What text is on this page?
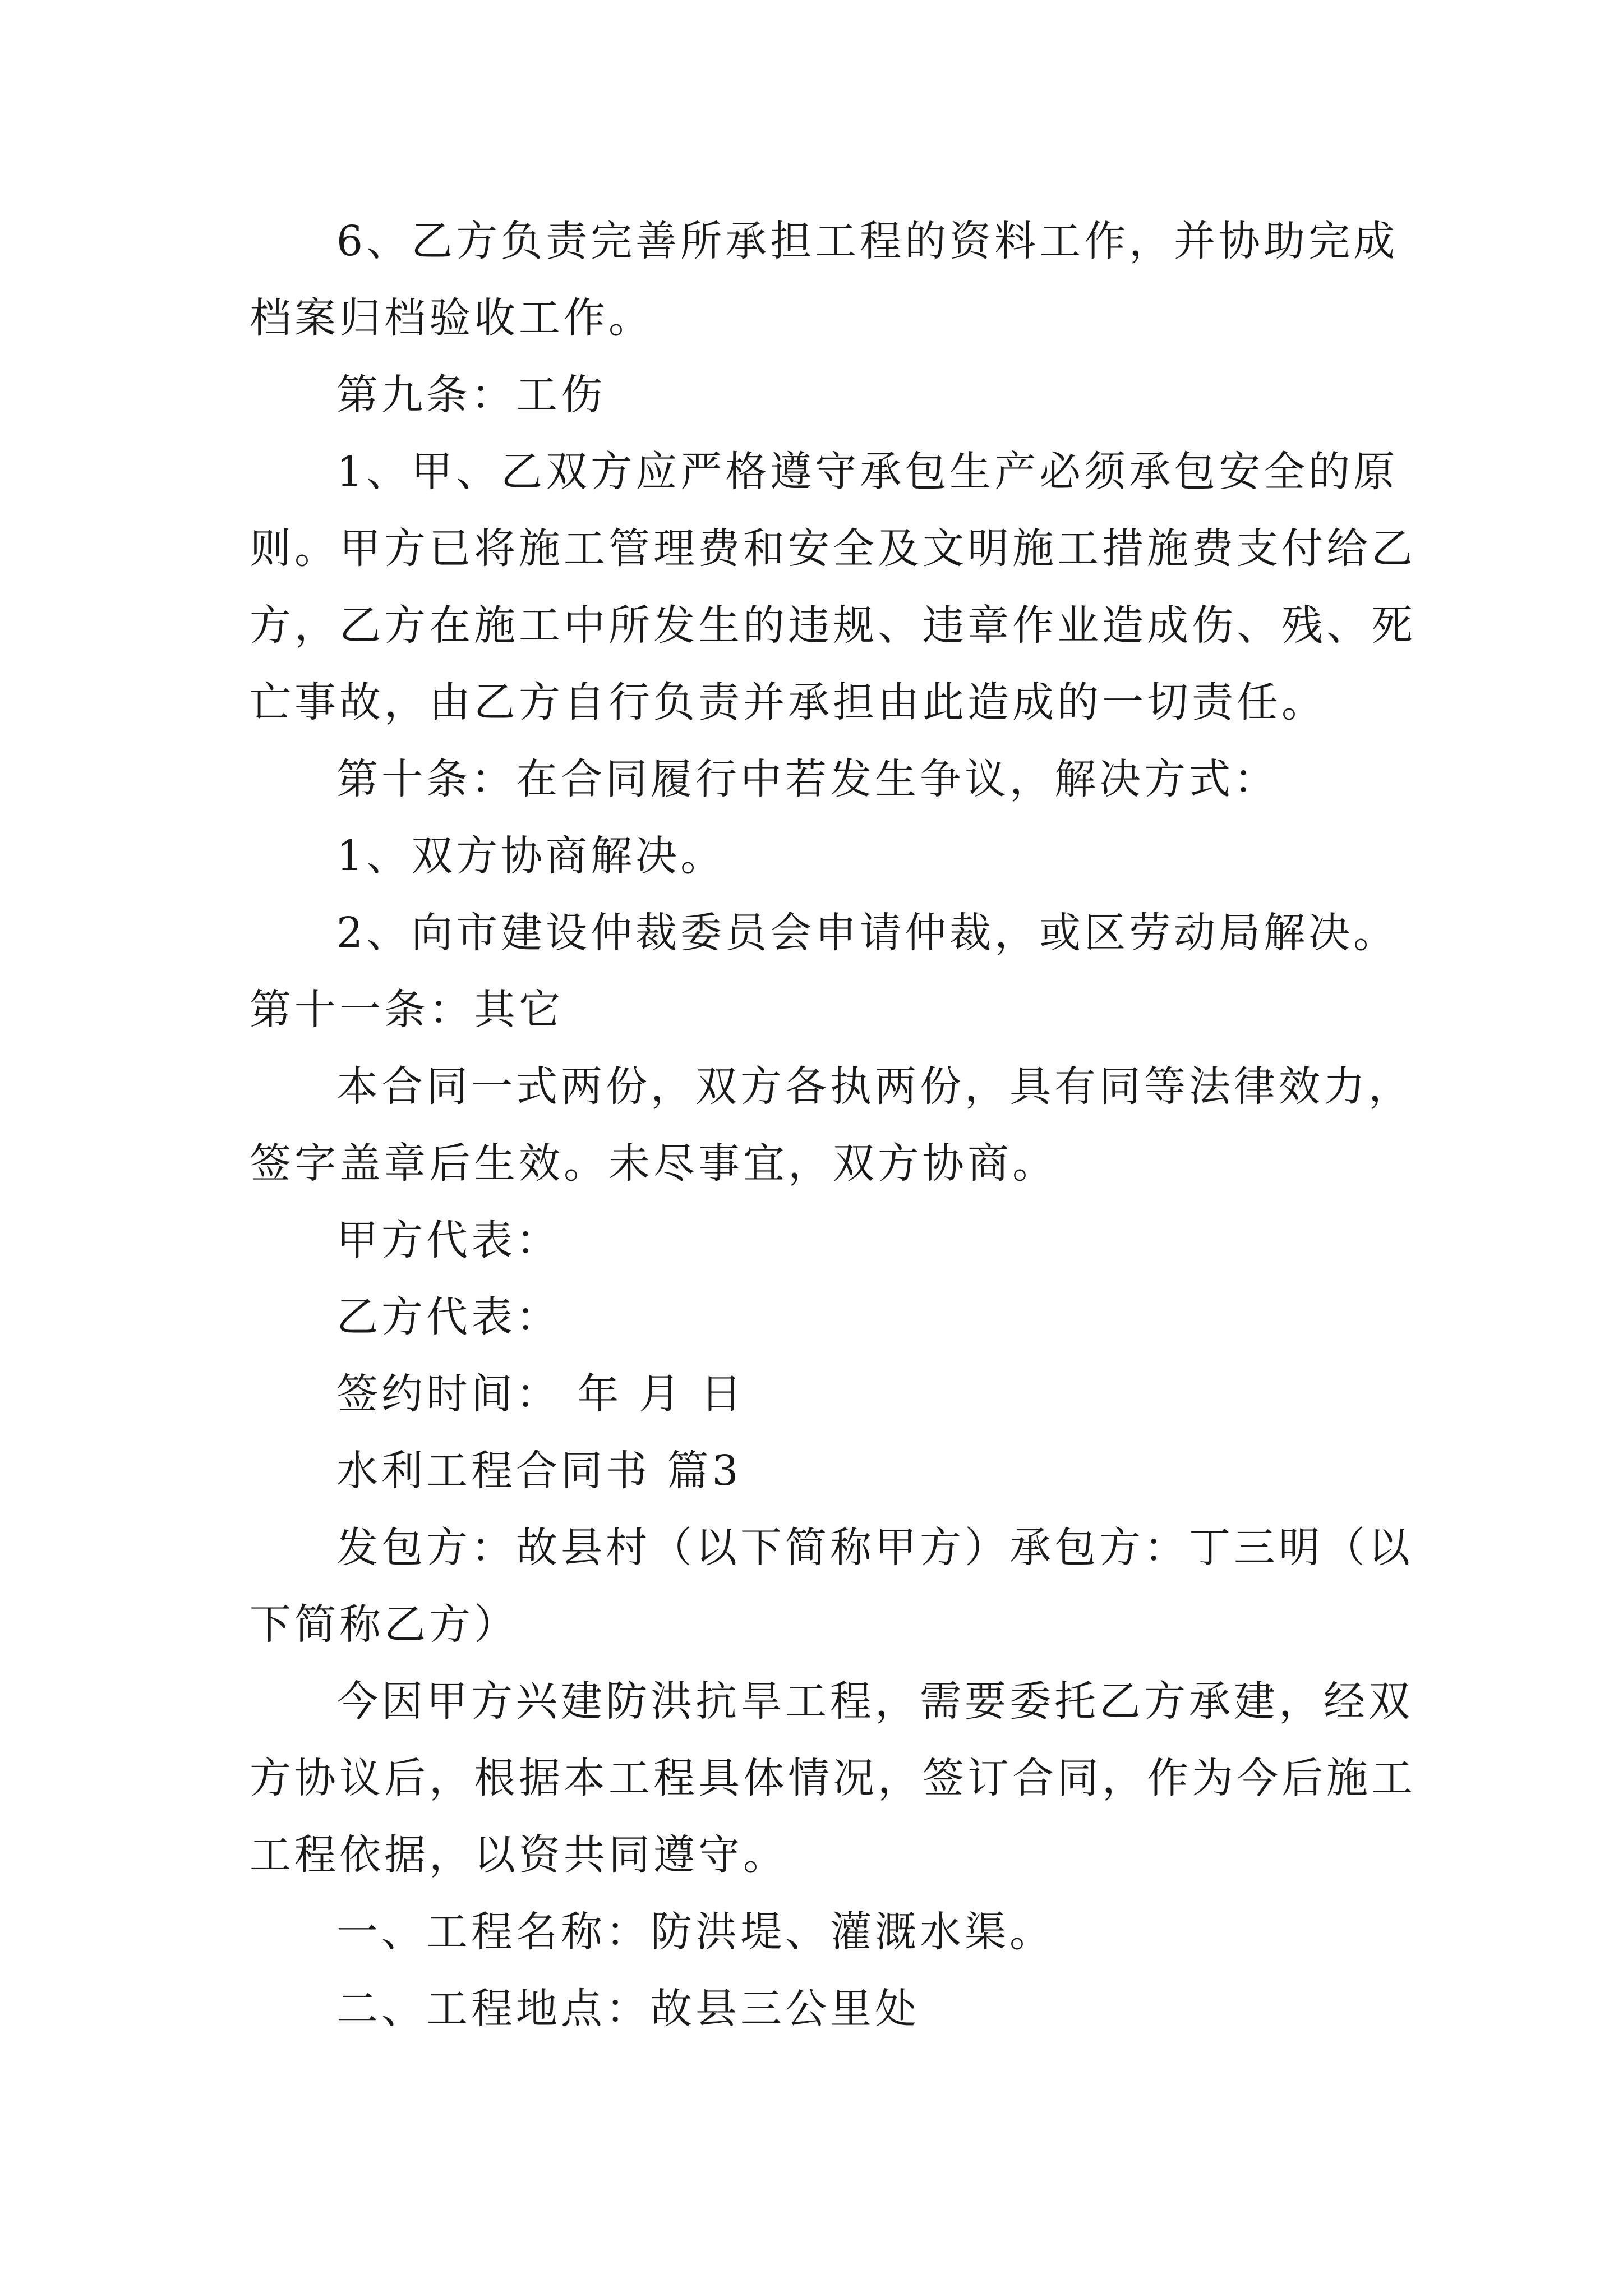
6、乙方负责完善所承担工程的资料工作，并协助完成

档案归档验收工作。

第九条：工伤

1、甲、乙双方应严格遵守承包生产必须承包安全的原

则。甲方已将施工管理费和安全及文明施工措施费支付给乙

方，乙方在施工中所发生的违规、违章作业造成伤、残、死

亡事故，由乙方自行负责并承担由此造成的一切责任。

第十条：在合同履行中若发生争议，解决方式：

1、双方协商解决。

2、向市建设仲裁委员会申请仲裁，或区劳动局解决。

第十一条：其它

本合同一式两份，双方各执两份，具有同等法律效力，

签字盖章后生效。未尽事宜，双方协商。

甲方代表：

乙方代表：

签约时间： 年 月 日

水利工程合同书 篇3

发包方：故县村（以下简称甲方）承包方：丁三明（以

下简称乙方）

今因甲方兴建防洪抗旱工程，需要委托乙方承建，经双

方协议后，根据本工程具体情况，签订合同，作为今后施工

工程依据，以资共同遵守。

一、工程名称：防洪堤、灌溉水渠。

二、工程地点：故县三公里处
